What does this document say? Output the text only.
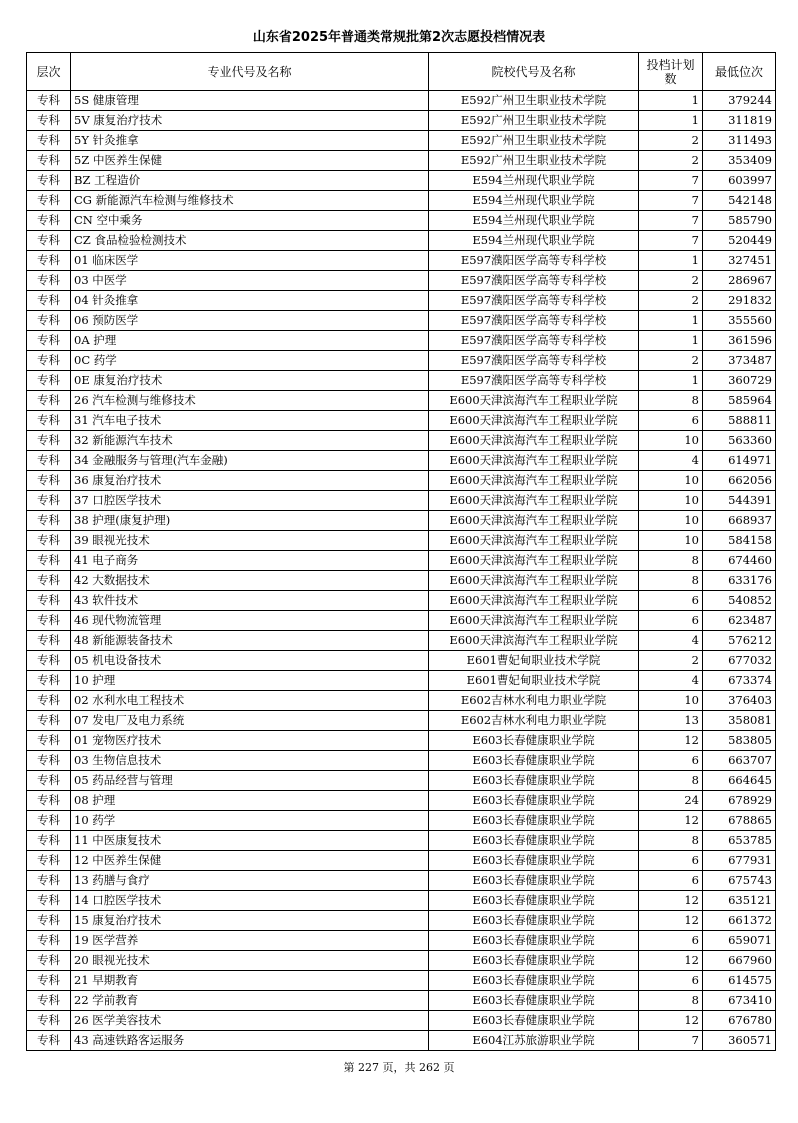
山东省2025年普通类常规批第2次志愿投档情况表
层次	专业代号及名称	院校代号及名称	投档计划数	最低位次
专科	5S 健康管理	E592广州卫生职业技术学院	1	379244
专科	5V 康复治疗技术	E592广州卫生职业技术学院	1	311819
专科	5Y 针灸推拿	E592广州卫生职业技术学院	2	311493
专科	5Z 中医养生保健	E592广州卫生职业技术学院	2	353409
专科	BZ 工程造价	E594兰州现代职业学院	7	603997
专科	CG 新能源汽车检测与维修技术	E594兰州现代职业学院	7	542148
专科	CN 空中乘务	E594兰州现代职业学院	7	585790
专科	CZ 食品检验检测技术	E594兰州现代职业学院	7	520449
专科	01 临床医学	E597濮阳医学高等专科学校	1	327451
专科	03 中医学	E597濮阳医学高等专科学校	2	286967
专科	04 针灸推拿	E597濮阳医学高等专科学校	2	291832
专科	06 预防医学	E597濮阳医学高等专科学校	1	355560
专科	0A 护理	E597濮阳医学高等专科学校	1	361596
专科	0C 药学	E597濮阳医学高等专科学校	2	373487
专科	0E 康复治疗技术	E597濮阳医学高等专科学校	1	360729
专科	26 汽车检测与维修技术	E600天津滨海汽车工程职业学院	8	585964
专科	31 汽车电子技术	E600天津滨海汽车工程职业学院	6	588811
专科	32 新能源汽车技术	E600天津滨海汽车工程职业学院	10	563360
专科	34 金融服务与管理(汽车金融)	E600天津滨海汽车工程职业学院	4	614971
专科	36 康复治疗技术	E600天津滨海汽车工程职业学院	10	662056
专科	37 口腔医学技术	E600天津滨海汽车工程职业学院	10	544391
专科	38 护理(康复护理)	E600天津滨海汽车工程职业学院	10	668937
专科	39 眼视光技术	E600天津滨海汽车工程职业学院	10	584158
专科	41 电子商务	E600天津滨海汽车工程职业学院	8	674460
专科	42 大数据技术	E600天津滨海汽车工程职业学院	8	633176
专科	43 软件技术	E600天津滨海汽车工程职业学院	6	540852
专科	46 现代物流管理	E600天津滨海汽车工程职业学院	6	623487
专科	48 新能源装备技术	E600天津滨海汽车工程职业学院	4	576212
专科	05 机电设备技术	E601曹妃甸职业技术学院	2	677032
专科	10 护理	E601曹妃甸职业技术学院	4	673374
专科	02 水利水电工程技术	E602吉林水利电力职业学院	10	376403
专科	07 发电厂及电力系统	E602吉林水利电力职业学院	13	358081
专科	01 宠物医疗技术	E603长春健康职业学院	12	583805
专科	03 生物信息技术	E603长春健康职业学院	6	663707
专科	05 药品经营与管理	E603长春健康职业学院	8	664645
专科	08 护理	E603长春健康职业学院	24	678929
专科	10 药学	E603长春健康职业学院	12	678865
专科	11 中医康复技术	E603长春健康职业学院	8	653785
专科	12 中医养生保健	E603长春健康职业学院	6	677931
专科	13 药膳与食疗	E603长春健康职业学院	6	675743
专科	14 口腔医学技术	E603长春健康职业学院	12	635121
专科	15 康复治疗技术	E603长春健康职业学院	12	661372
专科	19 医学营养	E603长春健康职业学院	6	659071
专科	20 眼视光技术	E603长春健康职业学院	12	667960
专科	21 早期教育	E603长春健康职业学院	6	614575
专科	22 学前教育	E603长春健康职业学院	8	673410
专科	26 医学美容技术	E603长春健康职业学院	12	676780
专科	43 高速铁路客运服务	E604江苏旅游职业学院	7	360571
第 227 页，共 262 页
